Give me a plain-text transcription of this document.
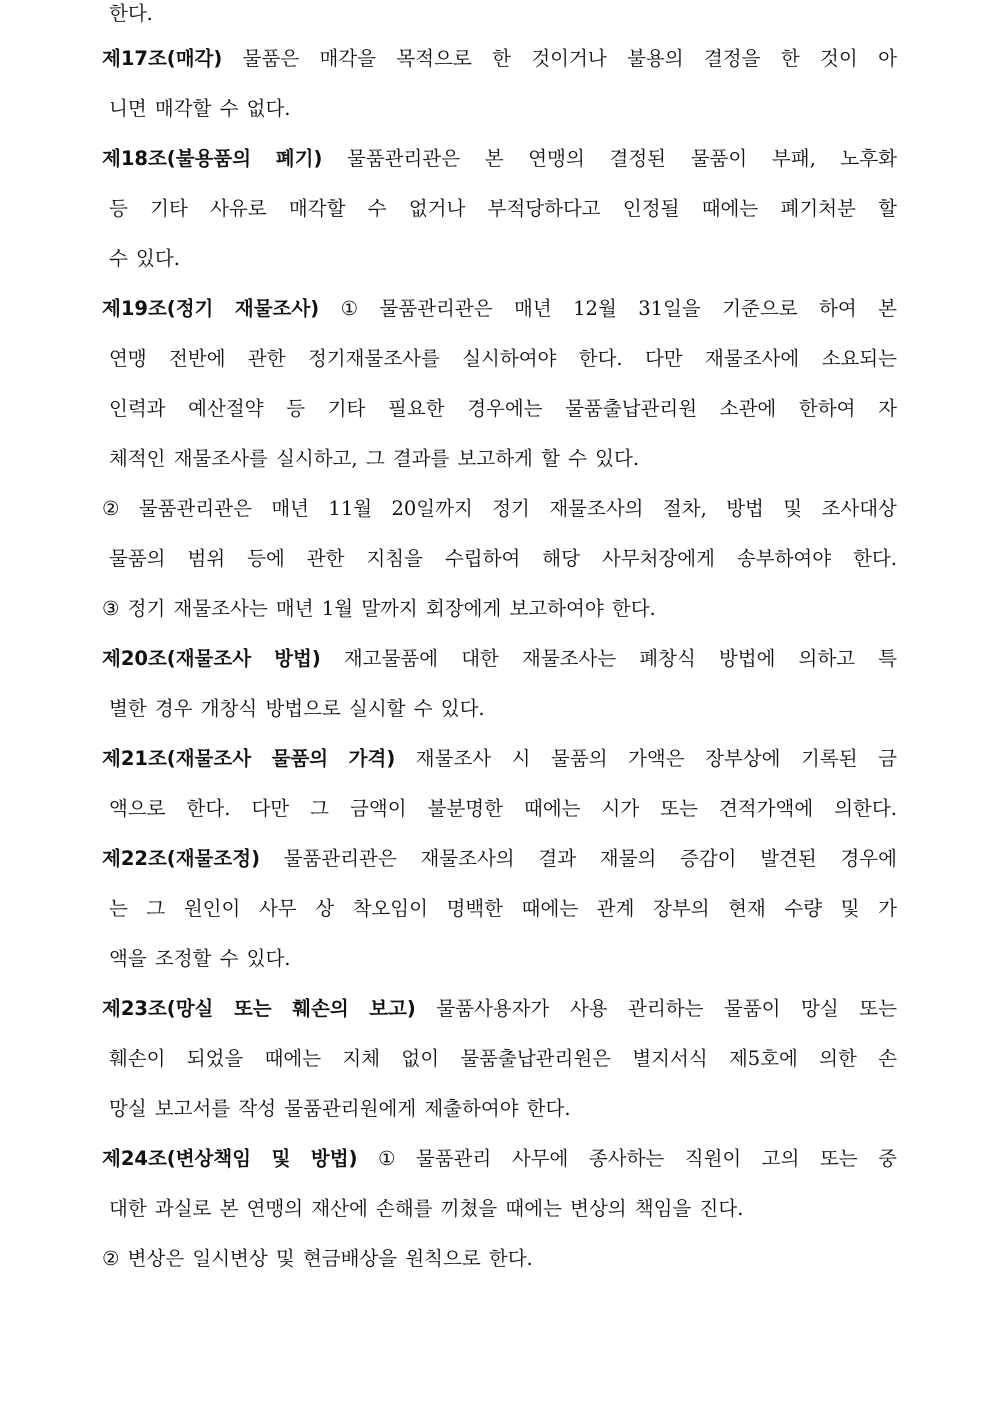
한다.
제17조(매각) 물품은 매각을 목적으로 한 것이거나 불용의 결정을 한 것이 아
니면 매각할 수 없다.
제18조(불용품의 폐기) 물품관리관은 본 연맹의 결정된 물품이 부패, 노후화
등 기타 사유로 매각할 수 없거나 부적당하다고 인정될 때에는 폐기처분 할
수 있다.
제19조(정기 재물조사) ① 물품관리관은 매년 12월 31일을 기준으로 하여 본
연맹 전반에 관한 정기재물조사를 실시하여야 한다. 다만 재물조사에 소요되는
인력과 예산절약 등 기타 필요한 경우에는 물품출납관리원 소관에 한하여 자
체적인 재물조사를 실시하고, 그 결과를 보고하게 할 수 있다.
② 물품관리관은 매년 11월 20일까지 정기 재물조사의 절차, 방법 및 조사대상
물품의 범위 등에 관한 지침을 수립하여 해당 사무처장에게 송부하여야 한다.
③ 정기 재물조사는 매년 1월 말까지 회장에게 보고하여야 한다.
제20조(재물조사 방법) 재고물품에 대한 재물조사는 폐창식 방법에 의하고 특
별한 경우 개창식 방법으로 실시할 수 있다.
제21조(재물조사 물품의 가격) 재물조사 시 물품의 가액은 장부상에 기록된 금
액으로 한다. 다만 그 금액이 불분명한 때에는 시가 또는 견적가액에 의한다.
제22조(재물조정) 물품관리관은 재물조사의 결과 재물의 증감이 발견된 경우에
는 그 원인이 사무 상 착오임이 명백한 때에는 관계 장부의 현재 수량 및 가
액을 조정할 수 있다.
제23조(망실 또는 훼손의 보고) 물품사용자가 사용 관리하는 물품이 망실 또는
훼손이 되었을 때에는 지체 없이 물품출납관리원은 별지서식 제5호에 의한 손
망실 보고서를 작성 물품관리원에게 제출하여야 한다.
제24조(변상책임 및 방법) ① 물품관리 사무에 종사하는 직원이 고의 또는 중
대한 과실로 본 연맹의 재산에 손해를 끼쳤을 때에는 변상의 책임을 진다.
② 변상은 일시변상 및 현금배상을 원칙으로 한다.
